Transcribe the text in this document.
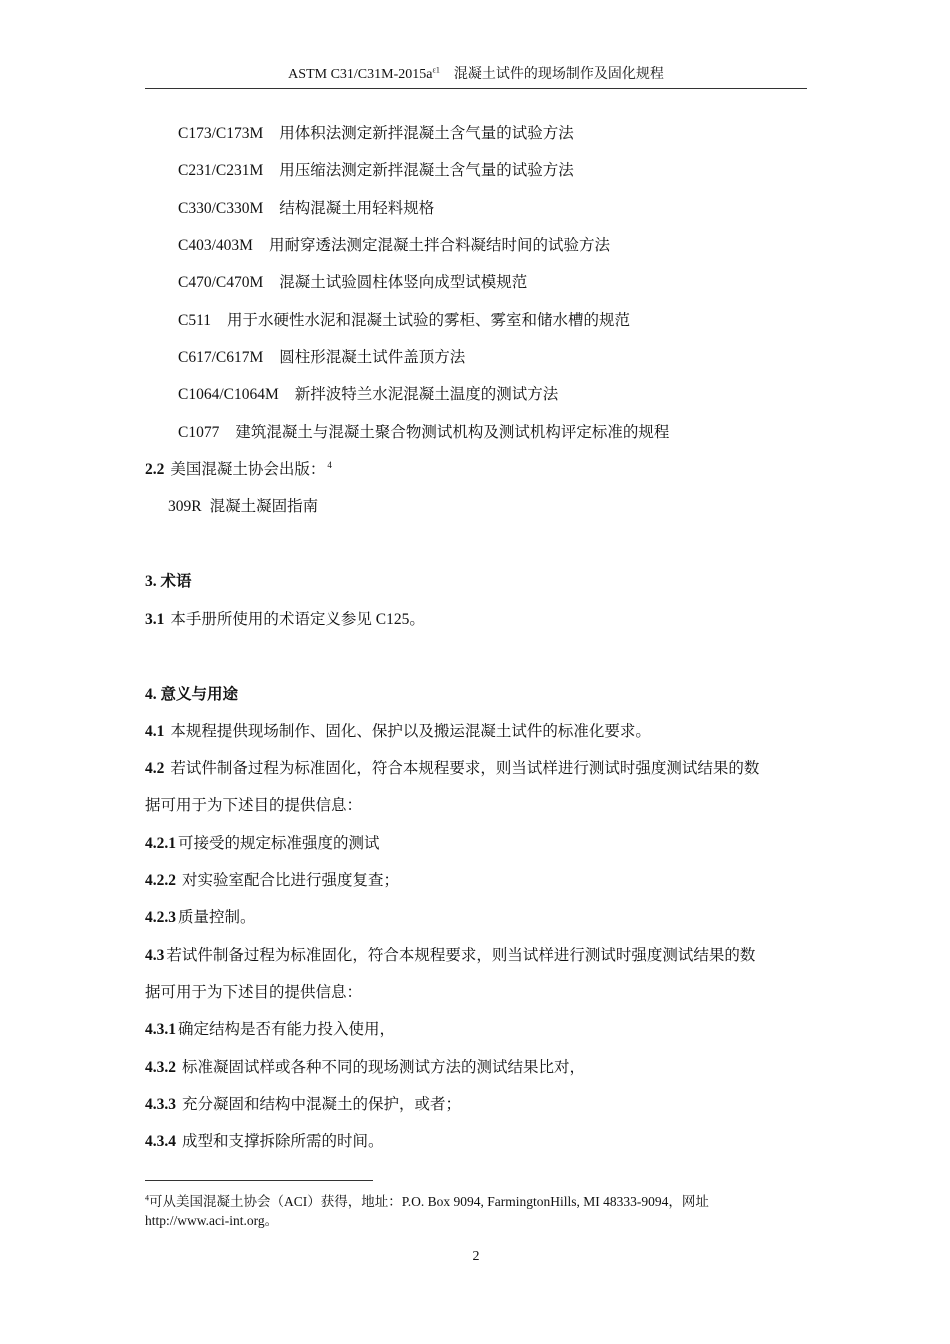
ASTM $C31/C31M-2015a^{\varepsilon 1}$ 混凝土试件的现场制作及固化规程
C173/C173M 用体积法测定新拌混凝土含气量的试验方法
C231/C231M 用压缩法测定新拌混凝土含气量的试验方法
C330/C330M 结构混凝土用轻料规格
C403/403M 用耐穿透法测定混凝土拌合料凝结时间的试验方法
C470/C470M 混凝土试验圆柱体竖向成型试模规范
C511 用于水硬性水泥和混凝土试验的雾柜、雾室和储水槽的规范
C617/C617M 圆柱形混凝土试件盖顶方法
C1064/C1064M 新拌波特兰水泥混凝土温度的测试方法
C1077 建筑混凝土与混凝土聚合物测试机构及测试机构评定标准的规程
2.2 美国混凝土协会出版： $^4$
309R 混凝土凝固指南
3. 术语
3.1 本手册所使用的术语定义参见 C125。
4. 意义与用途
4.1 本规程提供现场制作、固化、保护以及搬运混凝土试件的标准化要求。
4.2 若试件制备过程为标准固化，符合本规程要求，则当试样进行测试时强度测试结果的数
据可用于为下述目的提供信息：
4.2.1 可接受的规定标准强度的测试
4.2.2 对实验室配合比进行强度复查；
4.2.3 质量控制。
4.3 若试件制备过程为标准固化，符合本规程要求，则当试样进行测试时强度测试结果的数
据可用于为下述目的提供信息：
4.3.1 确定结构是否有能力投入使用，
4.3.2 标准凝固试样或各种不同的现场测试方法的测试结果比对，
4.3.3 充分凝固和结构中混凝土的保护，或者；
4.3.4 成型和支撑拆除所需的时间。
$^4$可从美国混凝土协会（ACI）获得，地址：P.O. Box 9094, FarmingtonHills, MI 48333-9094，网址
http://www.aci-int.org。
2
